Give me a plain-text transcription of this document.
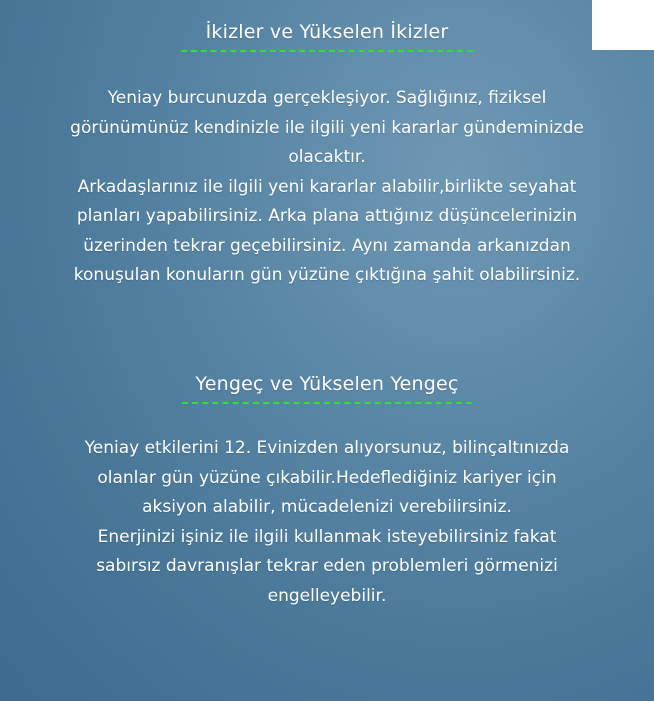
İkizler ve Yükselen İkizler

Yeniay burcunuzda gerçekleşiyor. Sağlığınız, fiziksel
görünümünüz kendinizle ile ilgili yeni kararlar gündeminizde
olacaktır.
Arkadaşlarınız ile ilgili yeni kararlar alabilir,birlikte seyahat
planları yapabilirsiniz. Arka plana attığınız düşüncelerinizin
üzerinden tekrar geçebilirsiniz. Aynı zamanda arkanızdan
konuşulan konuların gün yüzüne çıktığına şahit olabilirsiniz.

Yengeç ve Yükselen Yengeç

Yeniay etkilerini 12. Evinizden alıyorsunuz, bilinçaltınızda
olanlar gün yüzüne çıkabilir.Hedeflediğiniz kariyer için
aksiyon alabilir, mücadelenizi verebilirsiniz.
Enerjinizi işiniz ile ilgili kullanmak isteyebilirsiniz fakat
sabırsız davranışlar tekrar eden problemleri görmenizi
engelleyebilir.
